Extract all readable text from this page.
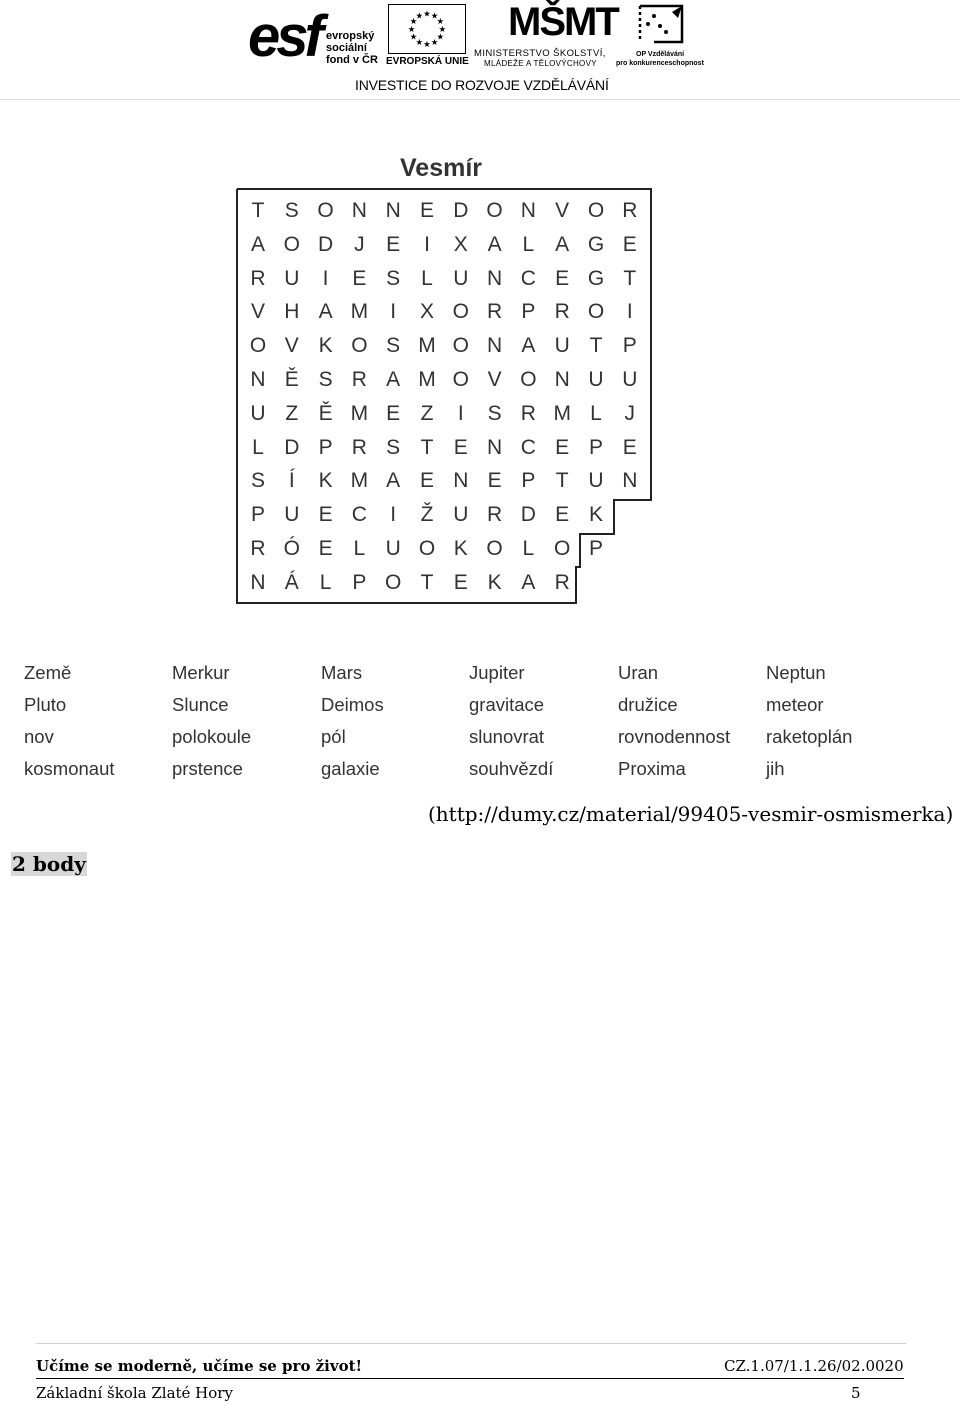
esf evropský
sociální
fond v ČR
★ ★
★
★
★
★
★
★
★
★
★
★
EVROPSKÁ UNIE
MŠMT
MINISTERSTVO ŠKOLSTVÍ,
MLÁDEŽE A TĚLOVÝCHOVY
OP Vzdělávání
pro konkurenceschopnost
INVESTICE DO ROZVOJE VZDĚLÁVÁNÍ
Vesmír
T S O N N E D O N V O R
A O D J	E	I	X A L A G E
R U	I	E S L U N C E G T
V H A M	I	X O R P R O	I
O V K O S M O N A U T P
N Ě S R A M O V O N U U
U Z Ě M E Z	I	S R M L	J
L D P R S T E N C E P E
S	Í	K M A E N E P T U N
P U E C	I	Ž U R D E K
R Ó E L U O K O L O P
N Á L P O T E K A R
Země	Merkur	Mars	Jupiter	Uran	Neptun
Pluto	Slunce	Deimos	gravitace	družice	meteor
nov	polokoule	pól	slunovrat	rovnodennost raketoplán
kosmonaut	prstence	galaxie	souhvězdí	Proxima	jih
(http://dumy.cz/material/99405-vesmir-osmismerka)
2 body
Učíme se moderně, učíme se pro život!	CZ.1.07/1.1.26/02.0020
Základní škola Zlaté Hory	5
